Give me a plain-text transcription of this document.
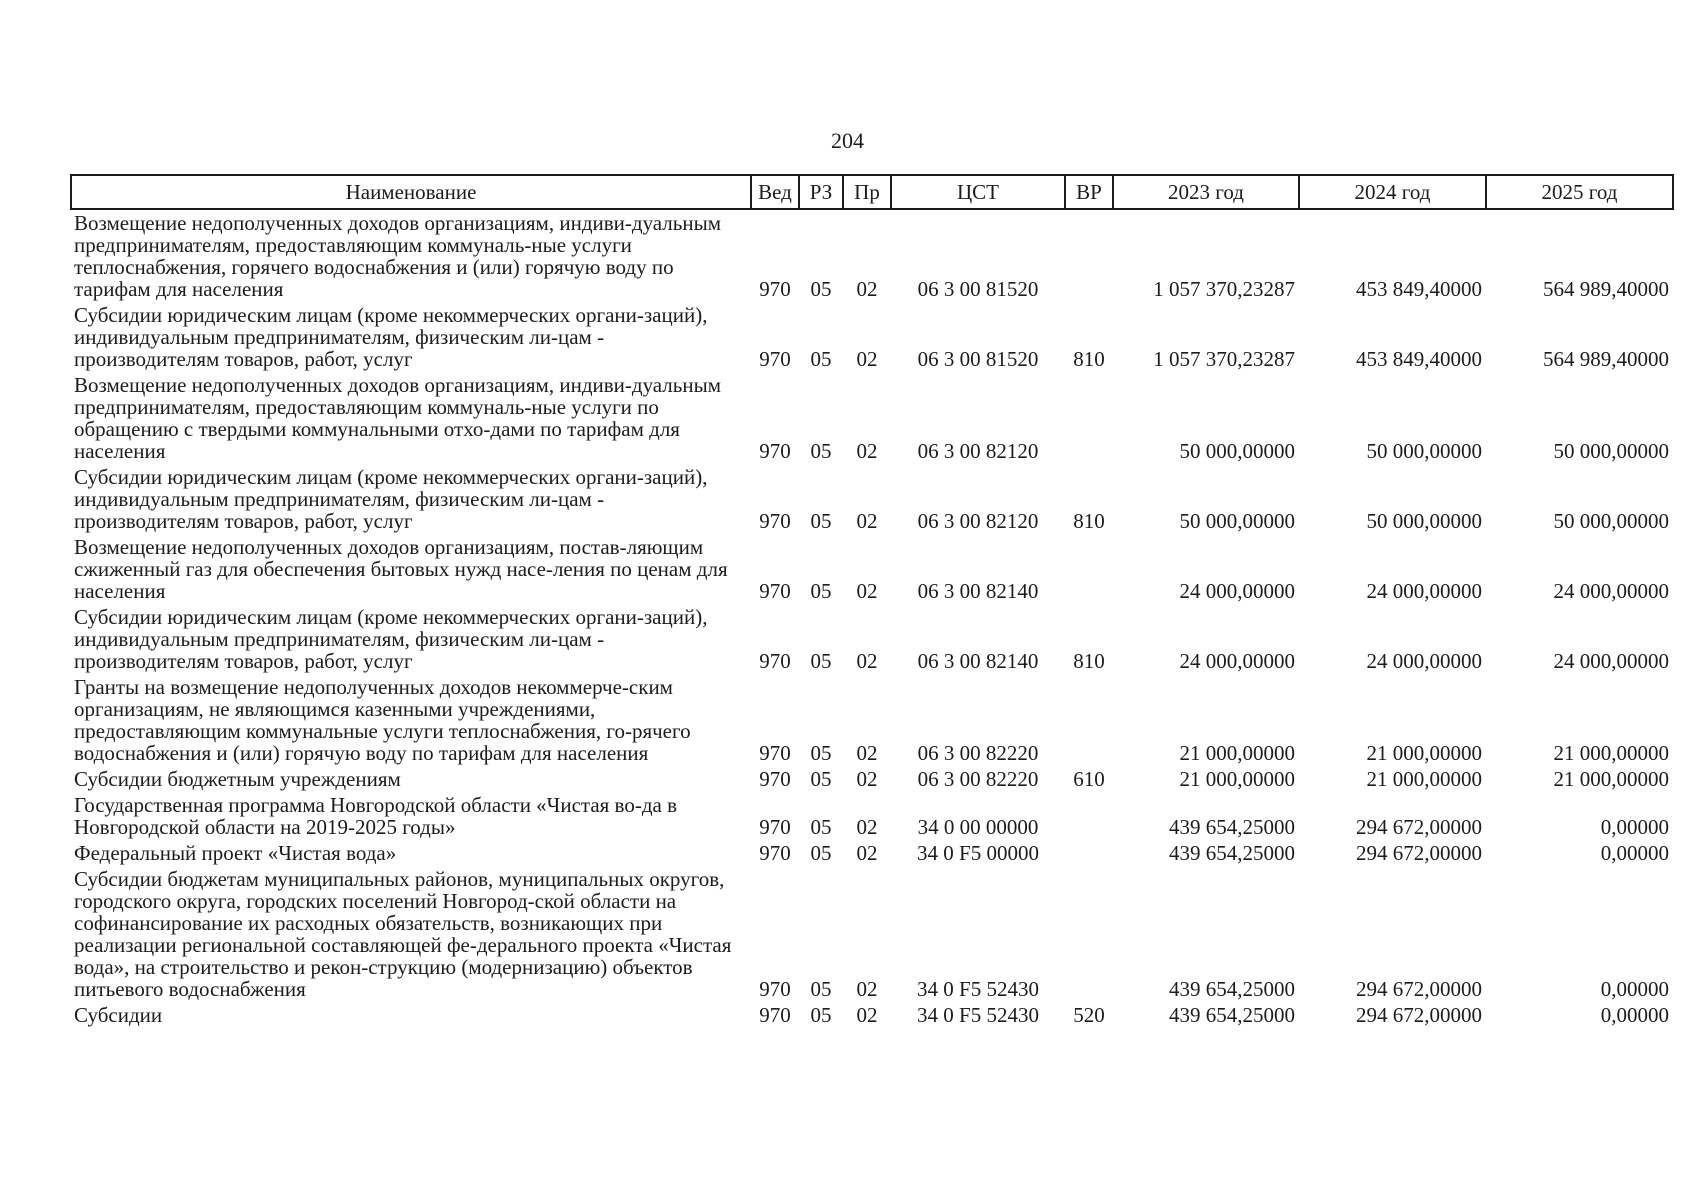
204
Наименование	Вед	РЗ	Пр	ЦСТ	ВР	2023 год	2024 год	2025 год
Возмещение недополученных доходов организациям, индиви-дуальным предпринимателям, предоставляющим коммуналь-ные услуги теплоснабжения, горячего водоснабжения и (или) горячую воду по тарифам для населения	970	05	02	06 3 00 81520		1 057 370,23287	453 849,40000	564 989,40000
Субсидии юридическим лицам (кроме некоммерческих органи-заций), индивидуальным предпринимателям, физическим ли-цам - производителям товаров, работ, услуг	970	05	02	06 3 00 81520	810	1 057 370,23287	453 849,40000	564 989,40000
Возмещение недополученных доходов организациям, индиви-дуальным предпринимателям, предоставляющим коммуналь-ные услуги по обращению с твердыми коммунальными отхо-дами по тарифам для населения	970	05	02	06 3 00 82120		50 000,00000	50 000,00000	50 000,00000
Субсидии юридическим лицам (кроме некоммерческих органи-заций), индивидуальным предпринимателям, физическим ли-цам - производителям товаров, работ, услуг	970	05	02	06 3 00 82120	810	50 000,00000	50 000,00000	50 000,00000
Возмещение недополученных доходов организациям, постав-ляющим сжиженный газ для обеспечения бытовых нужд насе-ления по ценам для населения	970	05	02	06 3 00 82140		24 000,00000	24 000,00000	24 000,00000
Субсидии юридическим лицам (кроме некоммерческих органи-заций), индивидуальным предпринимателям, физическим ли-цам - производителям товаров, работ, услуг	970	05	02	06 3 00 82140	810	24 000,00000	24 000,00000	24 000,00000
Гранты на возмещение недополученных доходов некоммерче-ским организациям, не являющимся казенными учреждениями, предоставляющим коммунальные услуги теплоснабжения, го-рячего водоснабжения и (или) горячую воду по тарифам для населения	970	05	02	06 3 00 82220		21 000,00000	21 000,00000	21 000,00000
Субсидии бюджетным учреждениям	970	05	02	06 3 00 82220	610	21 000,00000	21 000,00000	21 000,00000
Государственная программа Новгородской области «Чистая во-да в Новгородской области на 2019-2025 годы»	970	05	02	34 0 00 00000		439 654,25000	294 672,00000	0,00000
Федеральный проект «Чистая вода»	970	05	02	34 0 F5 00000		439 654,25000	294 672,00000	0,00000
Субсидии бюджетам муниципальных районов, муниципальных округов, городского округа, городских поселений Новгород-ской области на софинансирование их расходных обязательств, возникающих при реализации региональной составляющей фе-дерального проекта «Чистая вода», на строительство и рекон-струкцию (модернизацию) объектов питьевого водоснабжения	970	05	02	34 0 F5 52430		439 654,25000	294 672,00000	0,00000
Субсидии	970	05	02	34 0 F5 52430	520	439 654,25000	294 672,00000	0,00000
